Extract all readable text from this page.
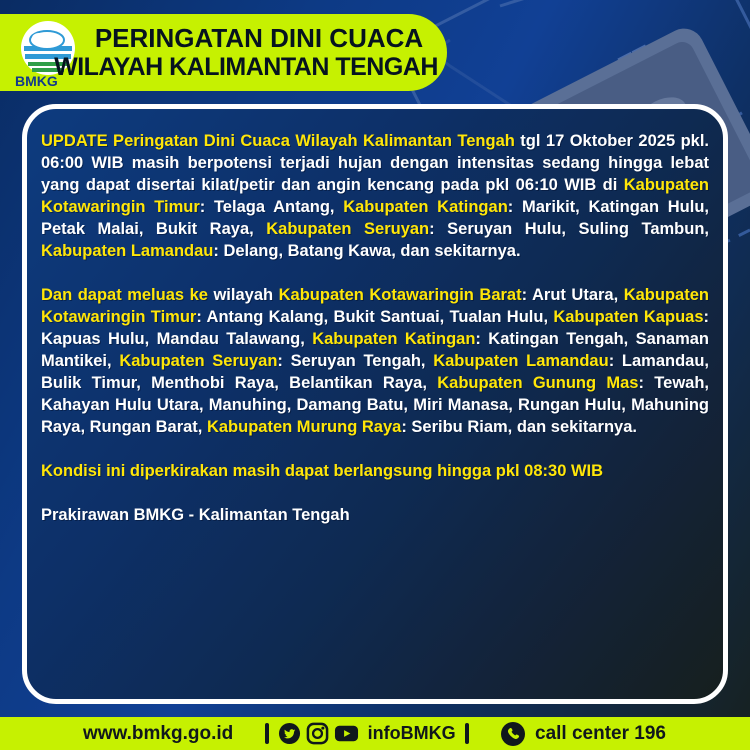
BMKG
PERINGATAN DINI CUACA
WILAYAH KALIMANTAN TENGAH

UPDATE Peringatan Dini Cuaca Wilayah Kalimantan Tengah tgl 17 Oktober 2025 pkl. 06:00 WIB masih berpotensi terjadi hujan dengan intensitas sedang hingga lebat yang dapat disertai kilat/petir dan angin kencang pada pkl 06:10 WIB di Kabupaten Kotawaringin Timur: Telaga Antang, Kabupaten Katingan: Marikit, Katingan Hulu, Petak Malai, Bukit Raya, Kabupaten Seruyan: Seruyan Hulu, Suling Tambun, Kabupaten Lamandau: Delang, Batang Kawa, dan sekitarnya.

Dan dapat meluas ke wilayah Kabupaten Kotawaringin Barat: Arut Utara, Kabupaten Kotawaringin Timur: Antang Kalang, Bukit Santuai, Tualan Hulu, Kabupaten Kapuas: Kapuas Hulu, Mandau Talawang, Kabupaten Katingan: Katingan Tengah, Sanaman Mantikei, Kabupaten Seruyan: Seruyan Tengah, Kabupaten Lamandau: Lamandau, Bulik Timur, Menthobi Raya, Belantikan Raya, Kabupaten Gunung Mas: Tewah, Kahayan Hulu Utara, Manuhing, Damang Batu, Miri Manasa, Rungan Hulu, Mahuning Raya, Rungan Barat, Kabupaten Murung Raya: Seribu Riam, dan sekitarnya.

Kondisi ini diperkirakan masih dapat berlangsung hingga pkl 08:30 WIB

Prakirawan BMKG - Kalimantan Tengah

www.bmkg.go.id	infoBMKG	call center 196
